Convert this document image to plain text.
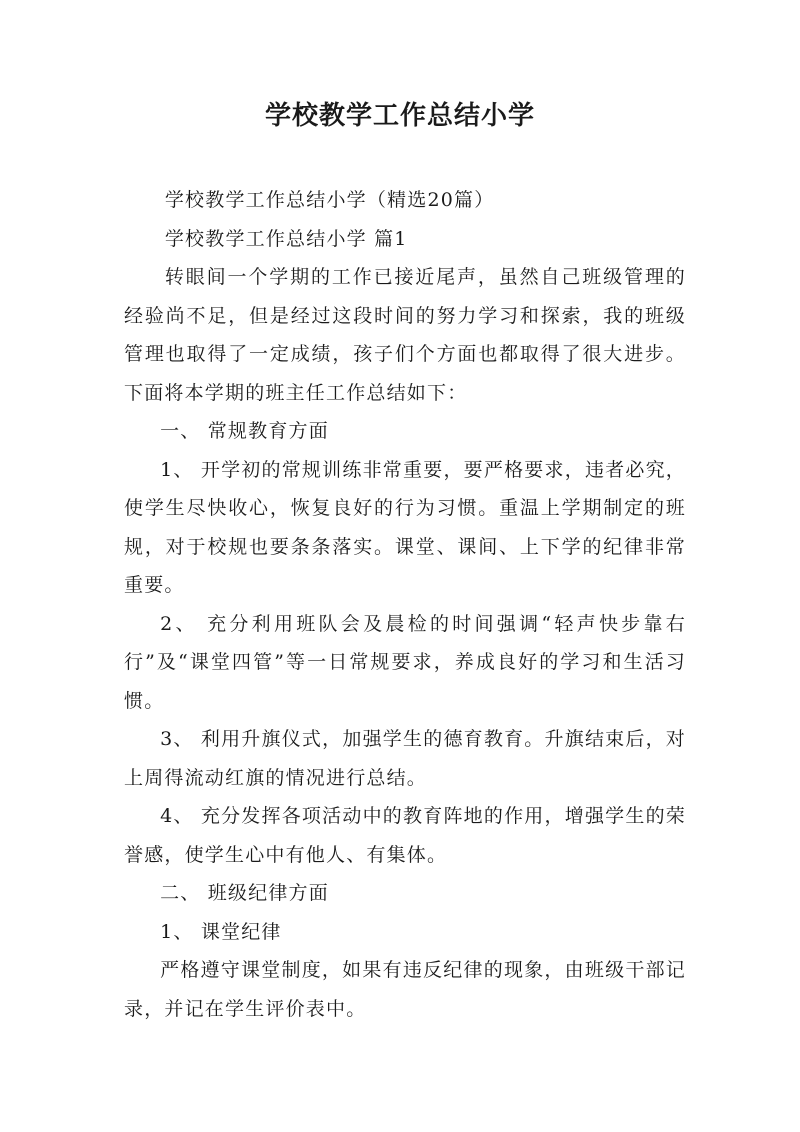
学校教学工作总结小学

学校教学工作总结小学（精选20篇）

学校教学工作总结小学 篇1

转眼间一个学期的工作已接近尾声，虽然自己班级管理的经验尚不足，但是经过这段时间的努力学习和探索，我的班级管理也取得了一定成绩，孩子们个方面也都取得了很大进步。下面将本学期的班主任工作总结如下：

一、 常规教育方面

1、 开学初的常规训练非常重要，要严格要求，违者必究，使学生尽快收心，恢复良好的行为习惯。重温上学期制定的班规，对于校规也要条条落实。课堂、课间、上下学的纪律非常重要。

2、 充分利用班队会及晨检的时间强调“轻声快步靠右行”及“课堂四管”等一日常规要求，养成良好的学习和生活习惯。

3、 利用升旗仪式，加强学生的德育教育。升旗结束后，对上周得流动红旗的情况进行总结。

4、 充分发挥各项活动中的教育阵地的作用，增强学生的荣誉感，使学生心中有他人、有集体。

二、 班级纪律方面

1、 课堂纪律

严格遵守课堂制度，如果有违反纪律的现象，由班级干部记录，并记在学生评价表中。
